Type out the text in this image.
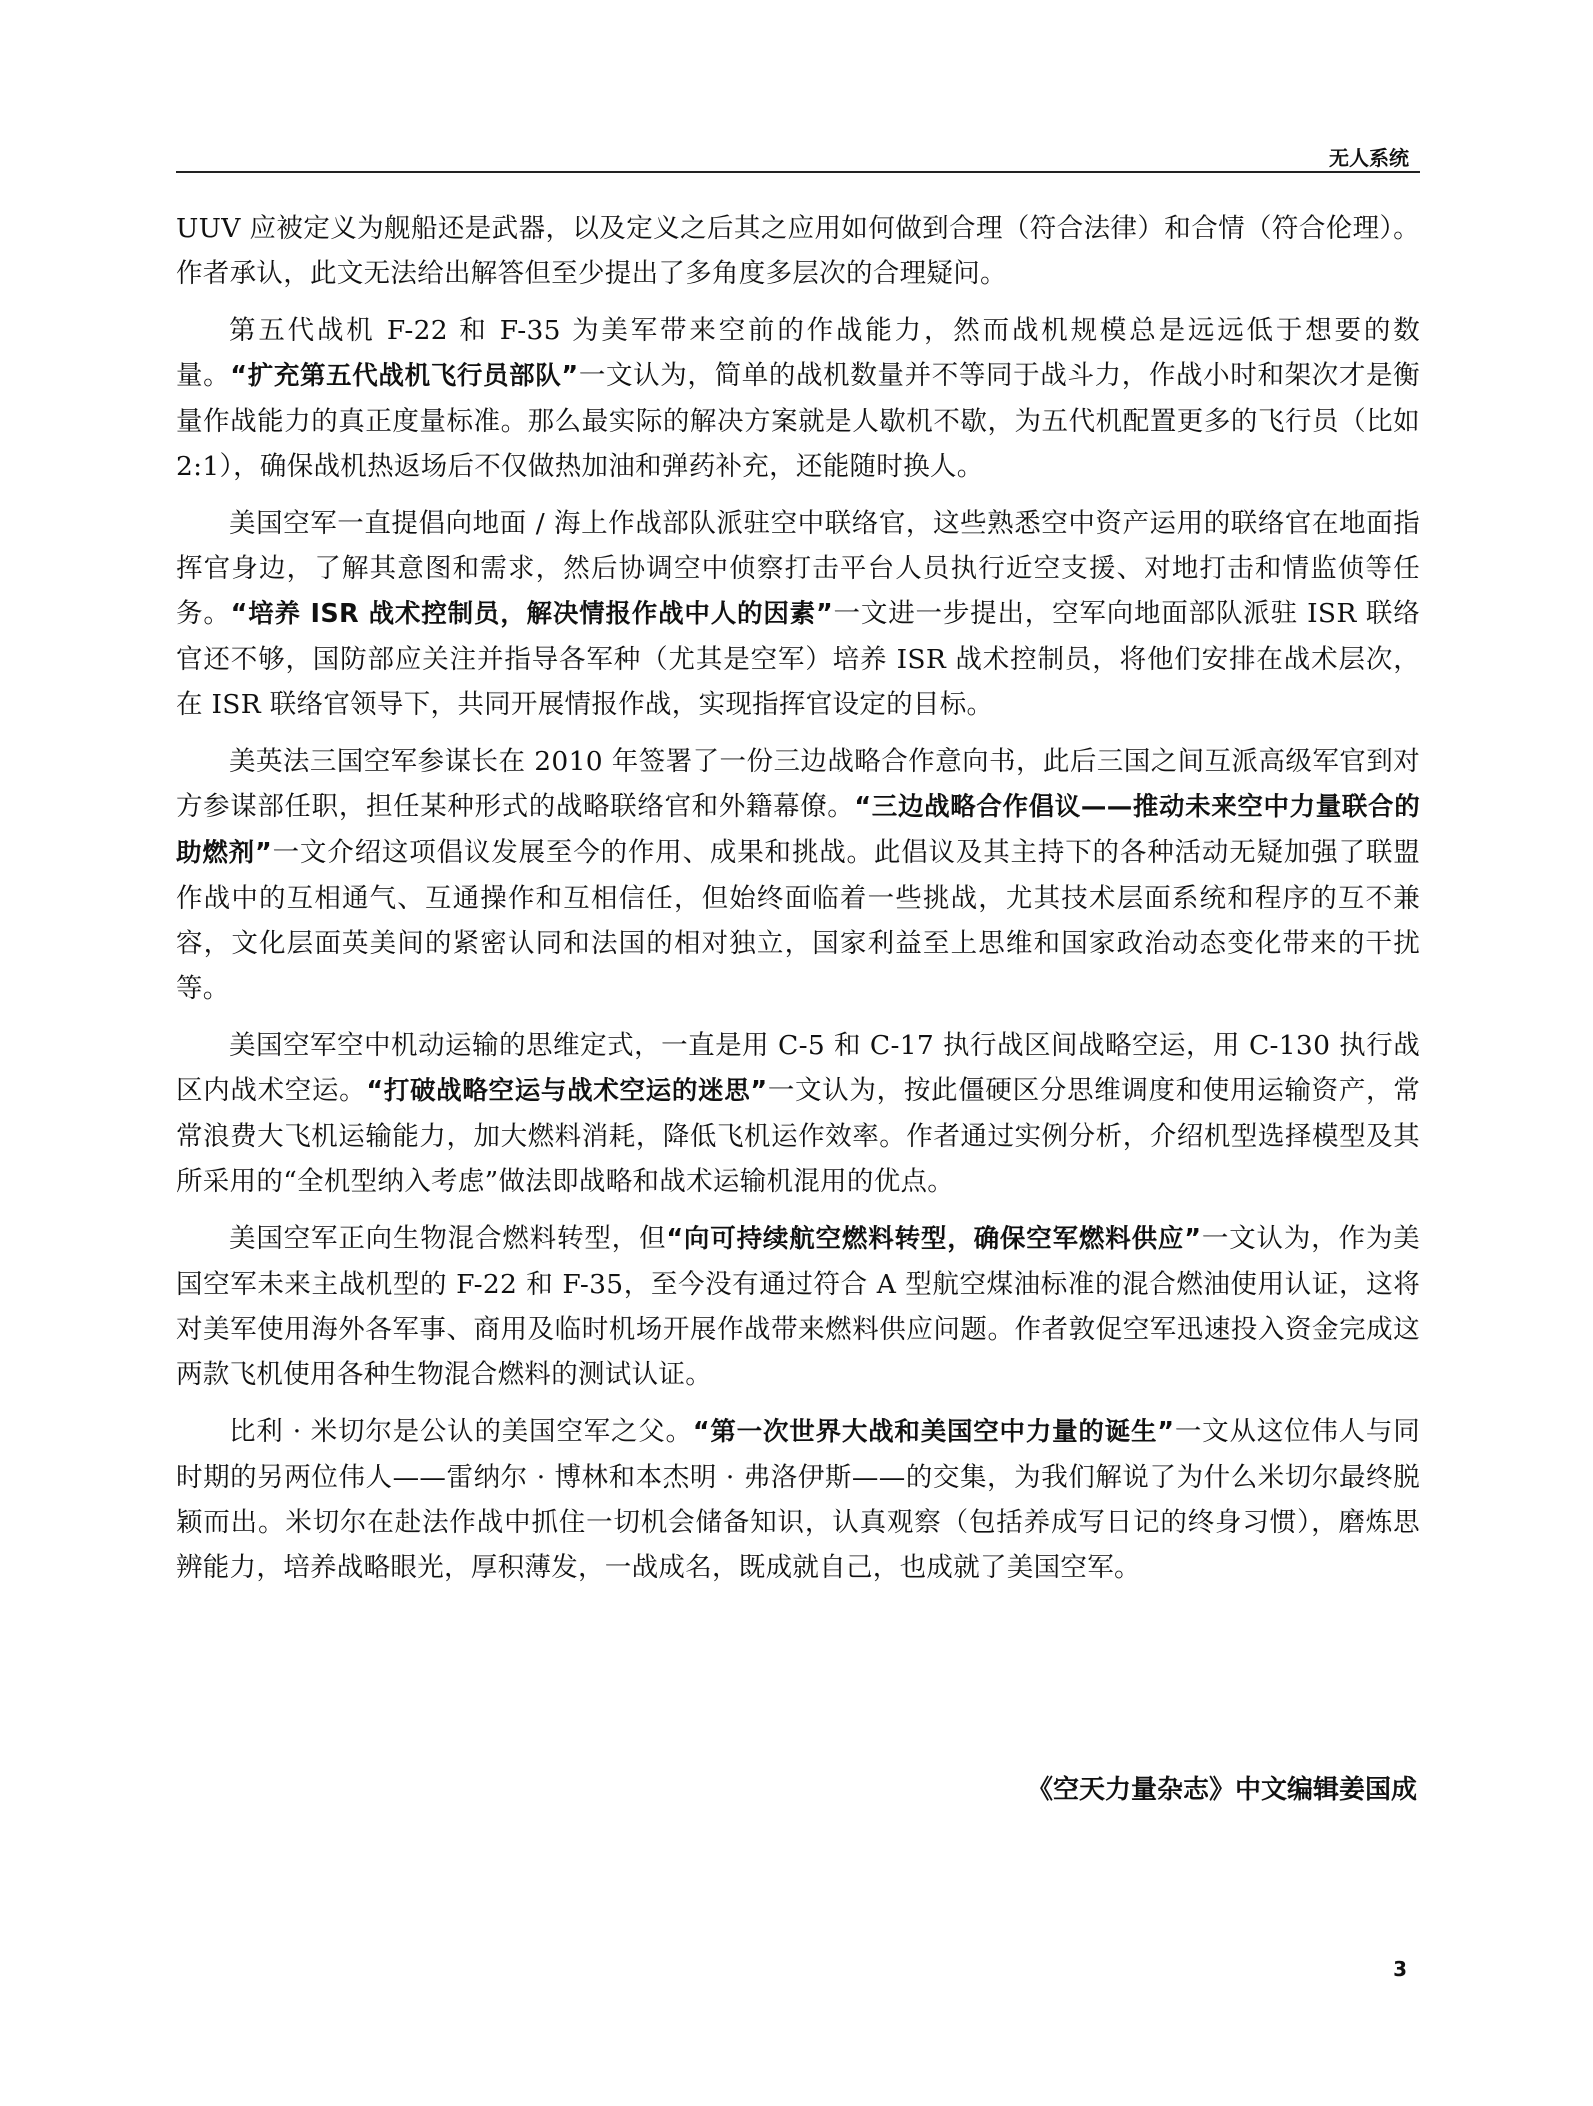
无人系统

UUV 应被定义为舰船还是武器，以及定义之后其之应用如何做到合理（符合法律）和合情（符合伦理）。作者承认，此文无法给出解答但至少提出了多角度多层次的合理疑问。

第五代战机 F-22 和 F-35 为美军带来空前的作战能力，然而战机规模总是远远低于想要的数量。“扩充第五代战机飞行员部队”一文认为，简单的战机数量并不等同于战斗力，作战小时和架次才是衡量作战能力的真正度量标准。那么最实际的解决方案就是人歇机不歇，为五代机配置更多的飞行员（比如 2:1），确保战机热返场后不仅做热加油和弹药补充，还能随时换人。

美国空军一直提倡向地面 / 海上作战部队派驻空中联络官，这些熟悉空中资产运用的联络官在地面指挥官身边，了解其意图和需求，然后协调空中侦察打击平台人员执行近空支援、对地打击和情监侦等任务。“培养 ISR 战术控制员，解决情报作战中人的因素”一文进一步提出，空军向地面部队派驻 ISR 联络官还不够，国防部应关注并指导各军种（尤其是空军）培养 ISR 战术控制员，将他们安排在战术层次，在 ISR 联络官领导下，共同开展情报作战，实现指挥官设定的目标。

美英法三国空军参谋长在 2010 年签署了一份三边战略合作意向书，此后三国之间互派高级军官到对方参谋部任职，担任某种形式的战略联络官和外籍幕僚。“三边战略合作倡议——推动未来空中力量联合的助燃剂”一文介绍这项倡议发展至今的作用、成果和挑战。此倡议及其主持下的各种活动无疑加强了联盟作战中的互相通气、互通操作和互相信任，但始终面临着一些挑战，尤其技术层面系统和程序的互不兼容，文化层面英美间的紧密认同和法国的相对独立，国家利益至上思维和国家政治动态变化带来的干扰等。

美国空军空中机动运输的思维定式，一直是用 C-5 和 C-17 执行战区间战略空运，用 C-130 执行战区内战术空运。“打破战略空运与战术空运的迷思”一文认为，按此僵硬区分思维调度和使用运输资产，常常浪费大飞机运输能力，加大燃料消耗，降低飞机运作效率。作者通过实例分析，介绍机型选择模型及其所采用的“全机型纳入考虑”做法即战略和战术运输机混用的优点。

美国空军正向生物混合燃料转型，但“向可持续航空燃料转型，确保空军燃料供应”一文认为，作为美国空军未来主战机型的 F-22 和 F-35，至今没有通过符合 A 型航空煤油标准的混合燃油使用认证，这将对美军使用海外各军事、商用及临时机场开展作战带来燃料供应问题。作者敦促空军迅速投入资金完成这两款飞机使用各种生物混合燃料的测试认证。

比利 · 米切尔是公认的美国空军之父。“第一次世界大战和美国空中力量的诞生”一文从这位伟人与同时期的另两位伟人——雷纳尔 · 博林和本杰明 · 弗洛伊斯——的交集，为我们解说了为什么米切尔最终脱颖而出。米切尔在赴法作战中抓住一切机会储备知识，认真观察（包括养成写日记的终身习惯），磨炼思辨能力，培养战略眼光，厚积薄发，一战成名，既成就自己，也成就了美国空军。

《空天力量杂志》中文编辑姜国成
3
